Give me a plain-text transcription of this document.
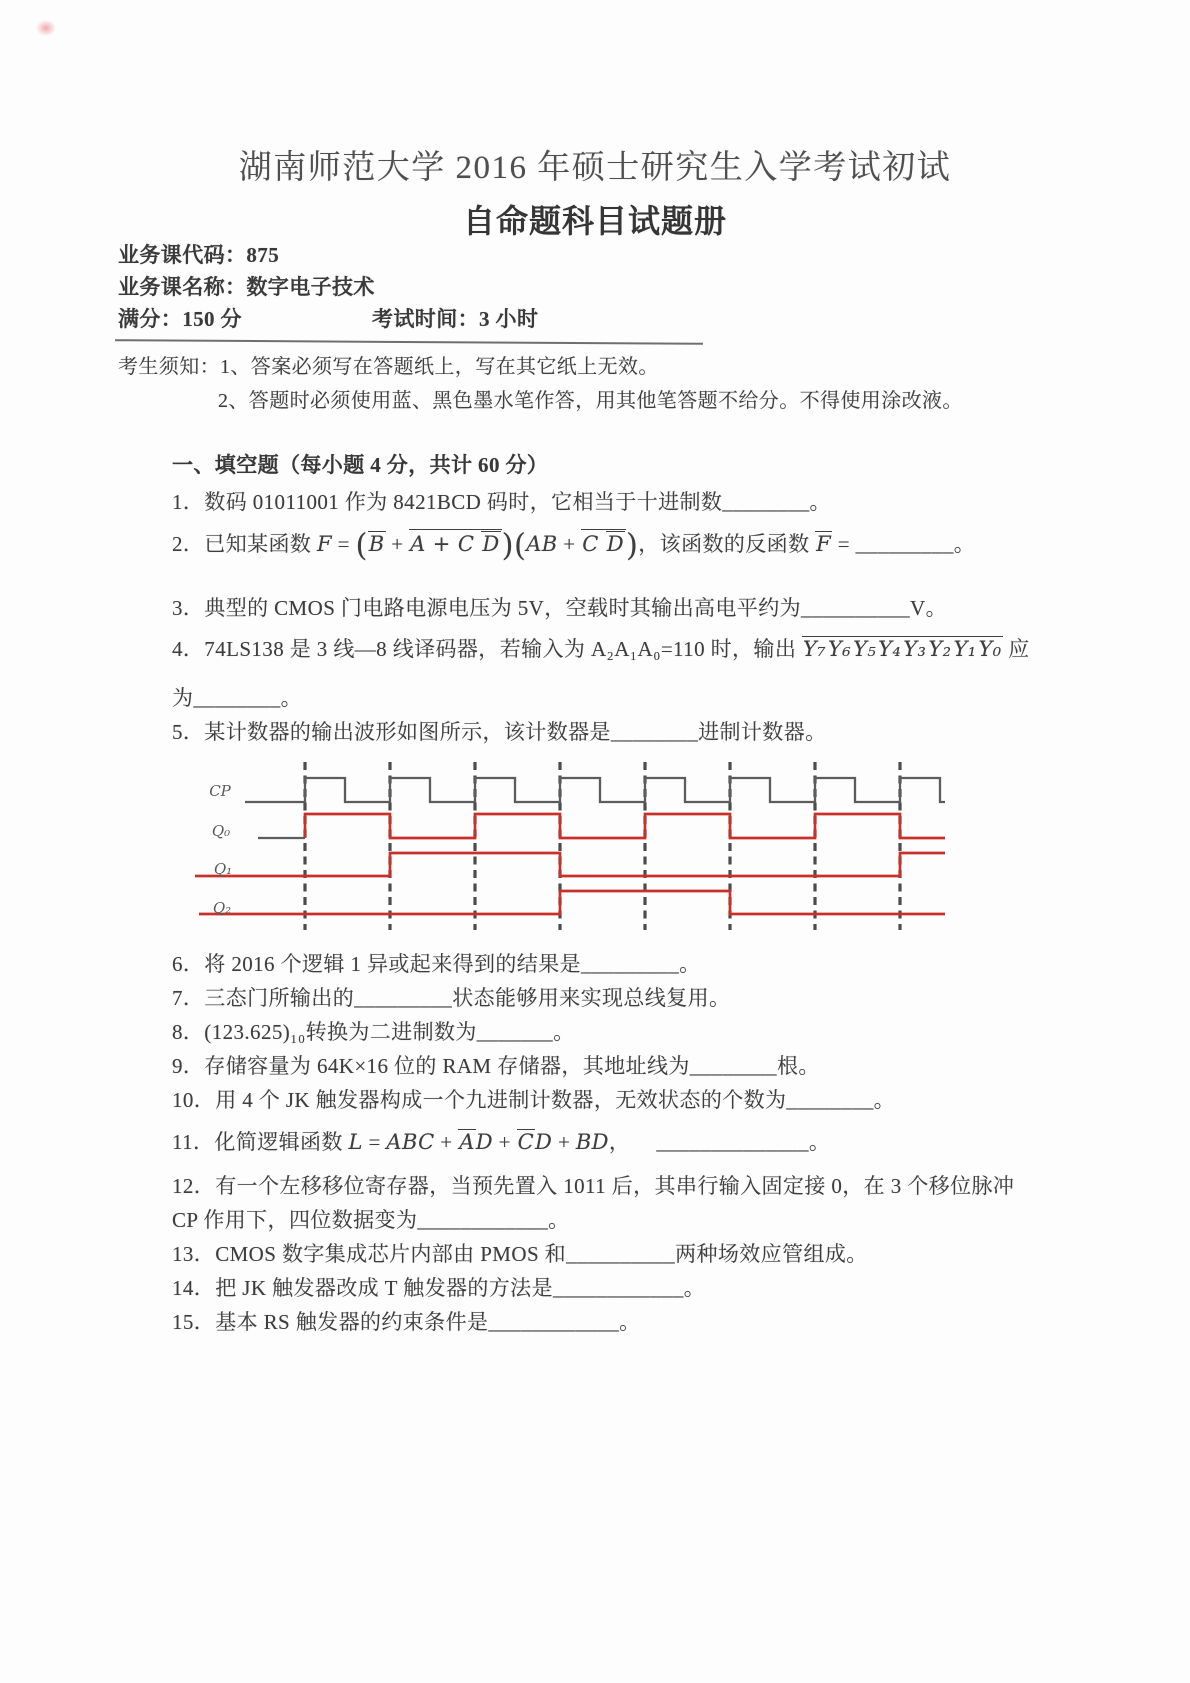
湖南师范大学 2016 年硕士研究生入学考试初试
自命题科目试题册
业务课代码：875
业务课名称：数字电子技术
满分：150 分	考试时间：3 小时
考生须知：1、答案必须写在答题纸上，写在其它纸上无效。
2、答题时必须使用蓝、黑色墨水笔作答，用其他笔答题不给分。不得使用涂改液。
一、填空题（每小题 4 分，共计 60 分）
1．数码 01011001 作为 8421BCD 码时，它相当于十进制数________。
2．已知某函数 F = (B + A + C D)(AB + C D)，该函数的反函数 F = _________。
3．典型的 CMOS 门电路电源电压为 5V，空载时其输出高电平约为__________V。
4．74LS138 是 3 线—8 线译码器，若输入为 A₂A₁A₀=110 时，输出 Y₇Y₆Y₅Y₄Y₃Y₂Y₁Y₀ 应
为________。
5．某计数器的输出波形如图所示，该计数器是________进制计数器。
CP
Q₀
Q₁
Q₂
6．将 2016 个逻辑 1 异或起来得到的结果是_________。
7．三态门所输出的_________状态能够用来实现总线复用。
8．(123.625)₁₀转换为二进制数为_______。
9．存储容量为 64K×16 位的 RAM 存储器，其地址线为________根。
10．用 4 个 JK 触发器构成一个九进制计数器，无效状态的个数为________。
11．化简逻辑函数 L = ABC + AD + CD + BD， ______________。
12．有一个左移移位寄存器，当预先置入 1011 后，其串行输入固定接 0，在 3 个移位脉冲
CP 作用下，四位数据变为____________。
13．CMOS 数字集成芯片内部由 PMOS 和__________两种场效应管组成。
14．把 JK 触发器改成 T 触发器的方法是____________。
15．基本 RS 触发器的约束条件是____________。
